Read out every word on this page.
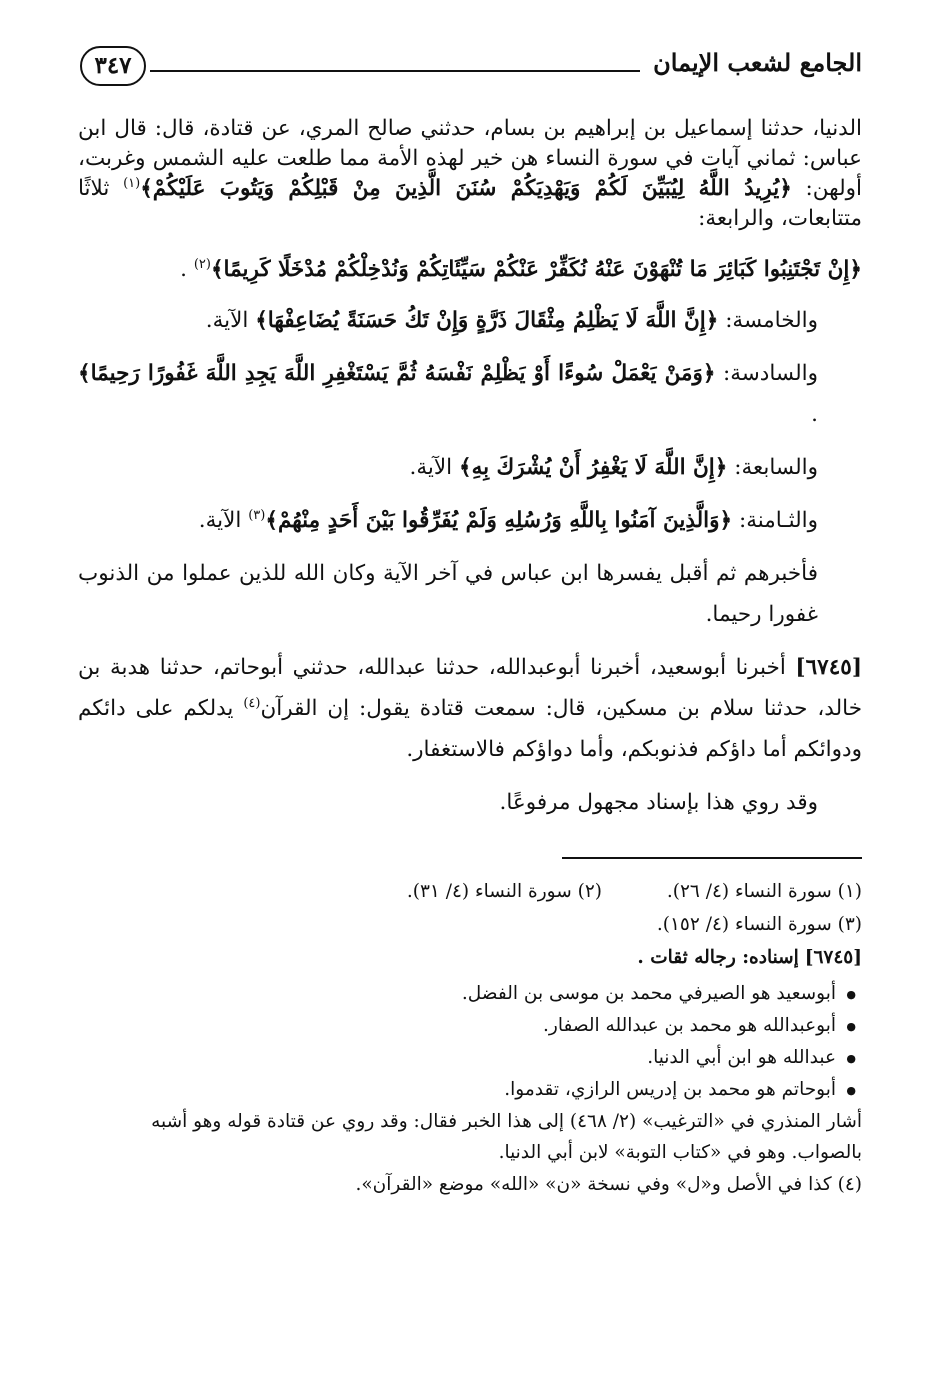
الجامع لشعب الإيمان
٣٤٧

الدنيا، حدثنا إسماعيل بن إبراهيم بن بسام، حدثني صالح المري، عن قتادة، قال: قال ابن عباس: ثماني آيات في سورة النساء هن خير لهذه الأمة مما طلعت عليه الشمس وغربت، أولهن: ﴿يُرِيدُ اللَّهُ لِيُبَيِّنَ لَكُمْ وَيَهْدِيَكُمْ سُنَنَ الَّذِينَ مِنْ قَبْلِكُمْ وَيَتُوبَ عَلَيْكُمْ﴾$^{(١)}$ ثلاثًا متتابعات، والرابعة:

﴿إِنْ تَجْتَنِبُوا كَبَائِرَ مَا تُنْهَوْنَ عَنْهُ نُكَفِّرْ عَنْكُمْ سَيِّئَاتِكُمْ وَنُدْخِلْكُمْ مُدْخَلًا كَرِيمًا﴾$^{(٢)}$ .

والخامسة: ﴿إِنَّ اللَّهَ لَا يَظْلِمُ مِثْقَالَ ذَرَّةٍ وَإِنْ تَكُ حَسَنَةً يُضَاعِفْهَا﴾ الآية.

والسادسة: ﴿وَمَنْ يَعْمَلْ سُوءًا أَوْ يَظْلِمْ نَفْسَهُ ثُمَّ يَسْتَغْفِرِ اللَّهَ يَجِدِ اللَّهَ غَفُورًا رَحِيمًا﴾ .

والسابعة: ﴿إِنَّ اللَّهَ لَا يَغْفِرُ أَنْ يُشْرَكَ بِهِ﴾ الآية.

والثـامنة: ﴿وَالَّذِينَ آمَنُوا بِاللَّهِ وَرُسُلِهِ وَلَمْ يُفَرِّقُوا بَيْنَ أَحَدٍ مِنْهُمْ﴾$^{(٣)}$ الآية.

فأخبرهم ثم أقبل يفسرها ابن عباس في آخر الآية وكان الله للذين عملوا من الذنوب غفورا رحيما.

[٦٧٤٥] أخبرنا أبوسعيد، أخبرنا أبوعبدالله، حدثنا عبدالله، حدثني أبوحاتم، حدثنا هدبة بن خالد، حدثنا سلام بن مسكين، قال: سمعت قتادة يقول: إن القرآن$^{(٤)}$ يدلكم على دائكم ودوائكم أما داؤكم فذنوبكم، وأما دواؤكم فالاستغفار.

وقد روي هذا بإسناد مجهول مرفوعًا.

(١) سورة النساء (٤/ ٢٦).
(٢) سورة النساء (٤/ ٣١).

(٣) سورة النساء (٤/ ١٥٢).

[٦٧٤٥] إسناده: رجاله ثقات .

● أبوسعيد هو الصيرفي محمد بن موسى بن الفضل.
● أبوعبدالله هو محمد بن عبدالله الصفار.
● عبدالله هو ابن أبي الدنيا.
● أبوحاتم هو محمد بن إدريس الرازي، تقدموا.

أشار المنذري في «الترغيب» (٢/ ٤٦٨) إلى هذا الخبر فقال: وقد روي عن قتادة قوله وهو أشبه بالصواب. وهو في «كتاب التوبة» لابن أبي الدنيا.

(٤) كذا في الأصل و«ل» وفي نسخة «ن» «الله» موضع «القرآن».
